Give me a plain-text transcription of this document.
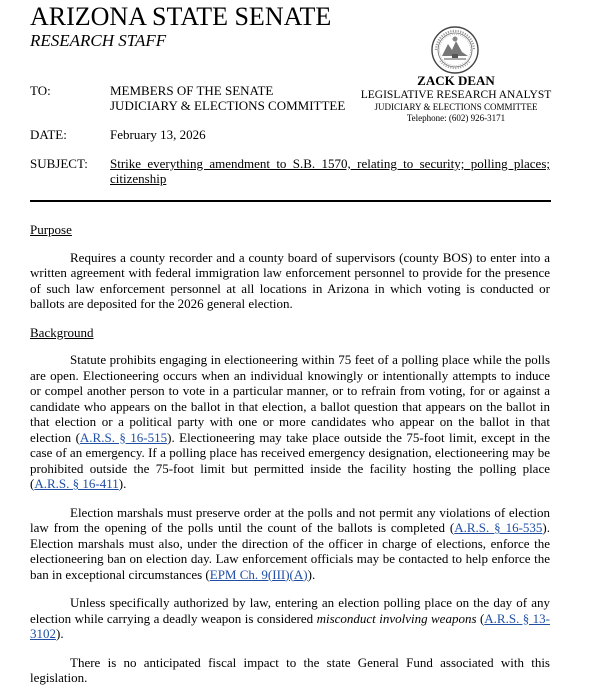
ARIZONA STATE SENATE
RESEARCH STAFF
ZACK DEAN
LEGISLATIVE RESEARCH ANALYST
JUDICIARY & ELECTIONS COMMITTEE
Telephone: (602) 926-3171
TO:	MEMBERS OF THE SENATE
JUDICIARY & ELECTIONS COMMITTEE
DATE:	February 13, 2026
SUBJECT: Strike everything amendment to S.B. 1570, relating to security; polling places; citizenship
Purpose

Requires a county recorder and a county board of supervisors (county BOS) to enter into a written agreement with federal immigration law enforcement personnel to provide for the presence of such law enforcement personnel at all locations in Arizona in which voting is conducted or ballots are deposited for the 2026 general election.

Background

Statute prohibits engaging in electioneering within 75 feet of a polling place while the polls are open. Electioneering occurs when an individual knowingly or intentionally attempts to induce or compel another person to vote in a particular manner, or to refrain from voting, for or against a candidate who appears on the ballot in that election, a ballot question that appears on the ballot in that election or a political party with one or more candidates who appear on the ballot in that election (A.R.S. § 16-515). Electioneering may take place outside the 75-foot limit, except in the case of an emergency. If a polling place has received emergency designation, electioneering may be prohibited outside the 75-foot limit but permitted inside the facility hosting the polling place (A.R.S. § 16-411).

Election marshals must preserve order at the polls and not permit any violations of election law from the opening of the polls until the count of the ballots is completed (A.R.S. § 16-535). Election marshals must also, under the direction of the officer in charge of elections, enforce the electioneering ban on election day. Law enforcement officials may be contacted to help enforce the ban in exceptional circumstances (EPM Ch. 9(III)(A)).

Unless specifically authorized by law, entering an election polling place on the day of any election while carrying a deadly weapon is considered misconduct involving weapons (A.R.S. § 13-3102).

There is no anticipated fiscal impact to the state General Fund associated with this legislation.
